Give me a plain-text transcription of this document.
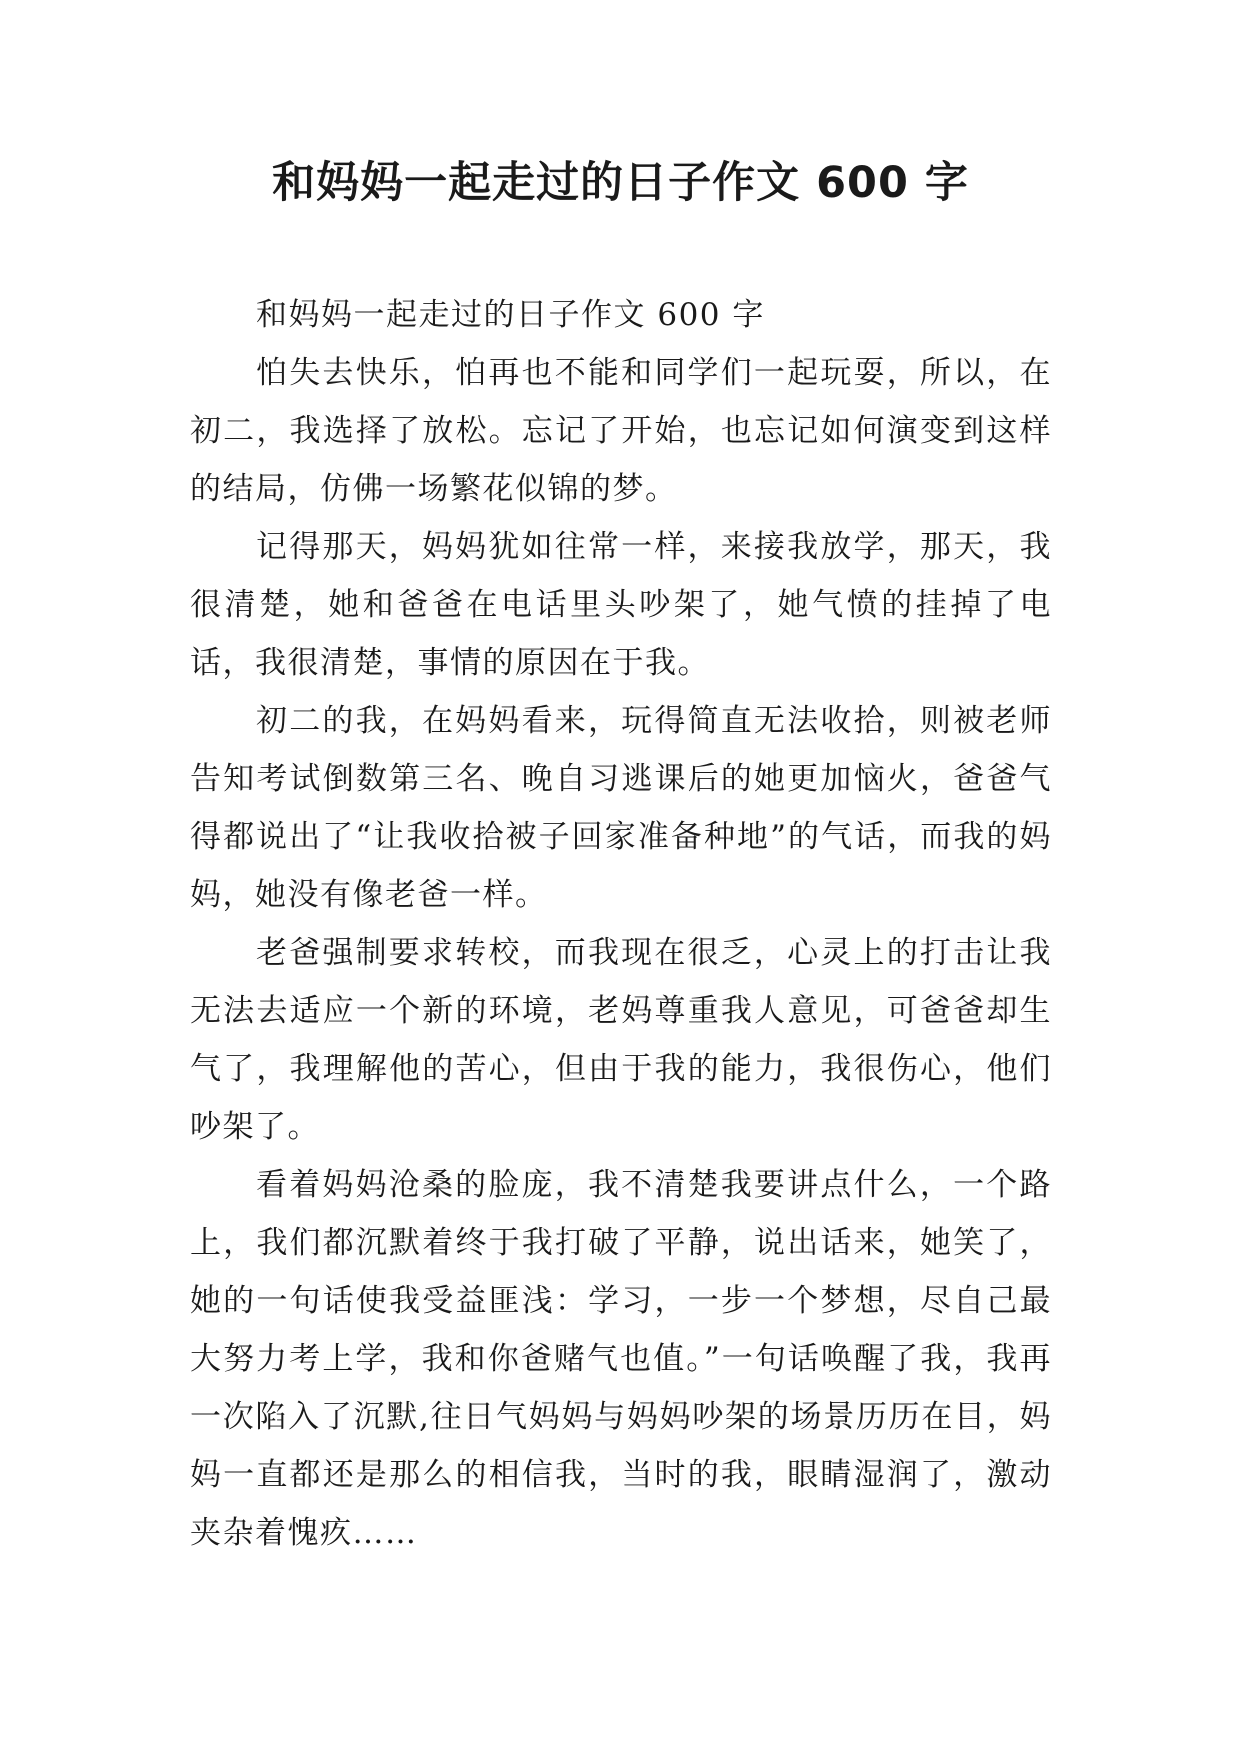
和妈妈一起走过的日子作文 600 字

和妈妈一起走过的日子作文 600 字

怕失去快乐，怕再也不能和同学们一起玩耍，所以，在初二，我选择了放松。忘记了开始，也忘记如何演变到这样的结局，仿佛一场繁花似锦的梦。

记得那天，妈妈犹如往常一样，来接我放学，那天，我很清楚，她和爸爸在电话里头吵架了，她气愤的挂掉了电话，我很清楚，事情的原因在于我。

初二的我，在妈妈看来，玩得简直无法收拾，则被老师告知考试倒数第三名、晚自习逃课后的她更加恼火，爸爸气得都说出了“让我收拾被子回家准备种地”的气话，而我的妈妈，她没有像老爸一样。

老爸强制要求转校，而我现在很乏，心灵上的打击让我无法去适应一个新的环境，老妈尊重我人意见，可爸爸却生气了，我理解他的苦心，但由于我的能力，我很伤心，他们吵架了。

看着妈妈沧桑的脸庞，我不清楚我要讲点什么，一个路上，我们都沉默着终于我打破了平静，说出话来，她笑了，她的一句话使我受益匪浅：学习，一步一个梦想，尽自己最大努力考上学，我和你爸赌气也值。”一句话唤醒了我，我再一次陷入了沉默,往日气妈妈与妈妈吵架的场景历历在目，妈妈一直都还是那么的相信我，当时的我，眼睛湿润了，激动夹杂着愧疚……
